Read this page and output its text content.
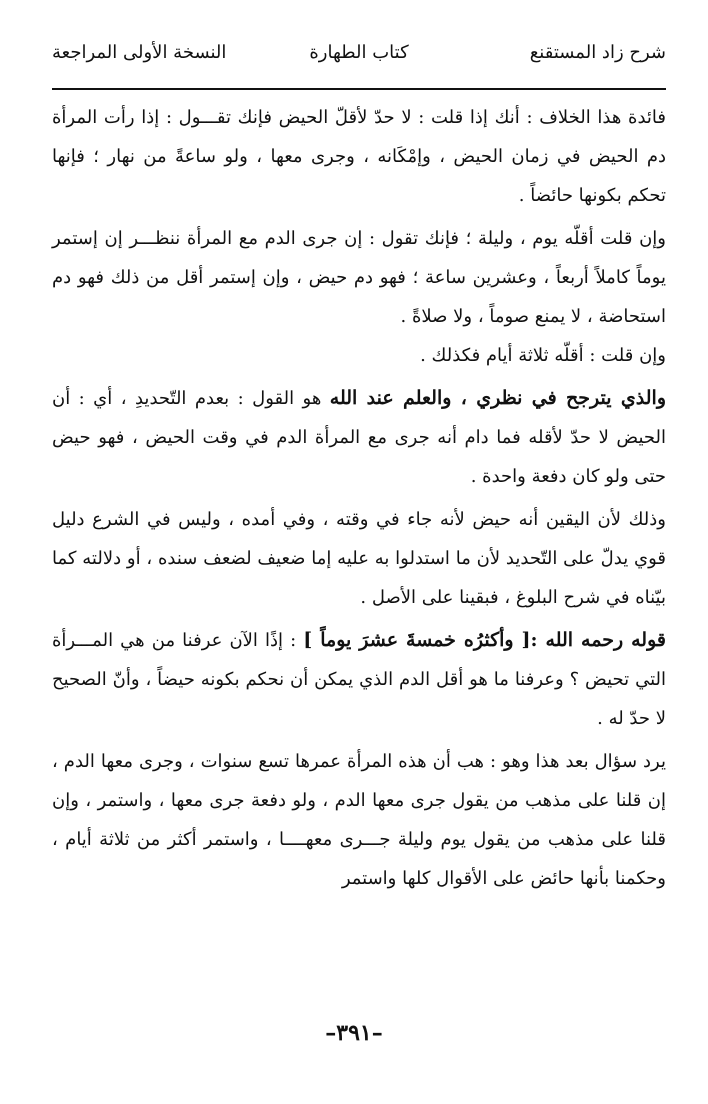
شرح زاد المستقنع
كتاب الطهارة
النسخة الأولى المراجعة

فائدة هذا الخلاف : أنك إذا قلت : لا حدّ لأقلّ الحيض فإنك تقـــول : إذا رأت المرأة دم الحيض في زمان الحيض ، وإمْكَانه ، وجرى معها ، ولو ساعةً من نهار ؛ فإنها تحكم بكونها حائضاً .

وإن قلت أقلّه يوم ، وليلة ؛ فإنك تقول : إن جرى الدم مع المرأة ننظـــر إن إستمر يوماً كاملاً أربعاً ، وعشرين ساعة ؛ فهو دم حيض ، وإن إستمر أقل من ذلك فهو دم استحاضة ، لا يمنع صوماً ، ولا صلاةً .

وإن قلت : أقلّه ثلاثة أيام فكذلك .

والذي يترجح في نظري ، والعلم عند الله هو القول : بعدم التّحديدِ ، أي : أن الحيض لا حدّ لأقله فما دام أنه جرى مع المرأة الدم في وقت الحيض ، فهو حيض حتى ولو كان دفعة واحدة .

وذلك لأن اليقين أنه حيض لأنه جاء في وقته ، وفي أمده ، وليس في الشرع دليل قوي يدلّ على التّحديد لأن ما استدلوا به عليه إما ضعيف لضعف سنده ، أو دلالته كما بيّناه في شرح البلوغ ، فبقينا على الأصل .

قوله رحمه الله :[ وأكثرُه خمسةَ عشرَ يوماً ] : إذًا الآن عرفنا من هي المـــرأة التي تحيض ؟ وعرفنا ما هو أقل الدم الذي يمكن أن نحكم بكونه حيضاً ، وأنّ الصحيح لا حدّ له .

يرد سؤال بعد هذا وهو : هب أن هذه المرأة عمرها تسع سنوات ، وجرى معها الدم ، إن قلنا على مذهب من يقول جرى معها الدم ، ولو دفعة جرى معها ، واستمر ، وإن قلنا على مذهب من يقول يوم وليلة جـــرى معهــــا ، واستمر أكثر من ثلاثة أيام ، وحكمنا بأنها حائض على الأقوال كلها واستمر

–٣٩١–
